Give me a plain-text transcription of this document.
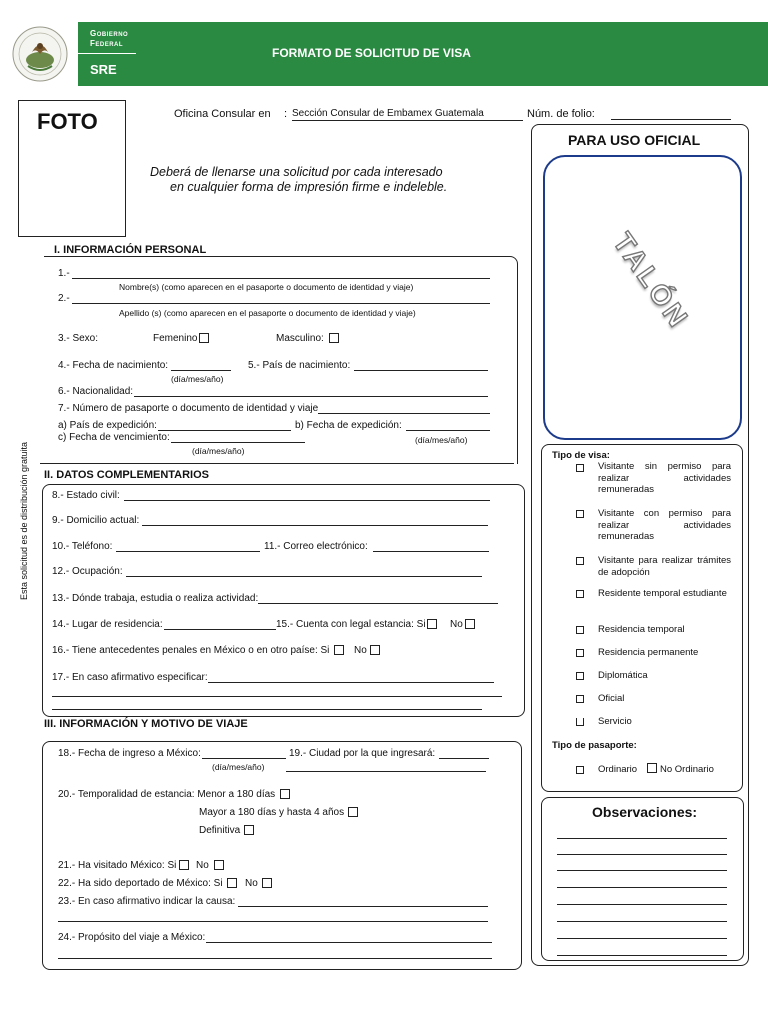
Gobierno
Federal
SRE
FORMATO DE SOLICITUD DE VISA
FOTO	Oficina Consular en : Sección Consular de Embamex Guatemala	Núm. de folio:
Deberá de llenarse una solicitud por cada interesado
en cualquier forma de impresión firme e indeleble.
Esta solicitud es de distribución gratuita
I. INFORMACIÓN PERSONAL
1.-
Nombre(s) (como aparecen en el pasaporte o documento de identidad y viaje)
2.-
Apellido (s) (como aparecen en el pasaporte o documento de identidad y viaje)
3.- Sexo:	Femenino	Masculino:
4.- Fecha de nacimiento:
(día/mes/año)
5.- País de nacimiento:
6.- Nacionalidad:
7.- Número de pasaporte o documento de identidad y viaje
a) País de expedición:	b) Fecha de expedición:
c) Fecha de vencimiento:	(día/mes/año)
(día/mes/año)
II. DATOS COMPLEMENTARIOS
8.- Estado civil:
9.- Domicilio actual:
10.- Teléfono:	11.- Correo electrónico:
12.- Ocupación:
13.- Dónde trabaja, estudia o realiza actividad:
14.- Lugar de residencia:	15.- Cuenta con legal estancia: Si No
16.- Tiene antecedentes penales en México o en otro paíse: Si No
17.- En caso afirmativo especificar:
III. INFORMACIÓN Y MOTIVO DE VIAJE
18.- Fecha de ingreso a México:
(día/mes/año)
19.- Ciudad por la que ingresará:
20.- Temporalidad de estancia: Menor a 180 días
Mayor a 180 días y hasta 4 años
Definitiva
21.- Ha visitado México: Si No
22.- Ha sido deportado de México: Si No
23.- En caso afirmativo indicar la causa:
24.- Propósito del viaje a México:
PARA USO OFICIAL
TALÓN
Tipo de visa:
Visitante sin permiso para realizar actividades remuneradas
Visitante con permiso para realizar actividades remuneradas
Visitante para realizar trámites de adopción
Residente temporal estudiante
Residencia temporal
Residencia permanente
Diplomática
Oficial
Servicio
Tipo de pasaporte:
Ordinario No Ordinario
Observaciones:
